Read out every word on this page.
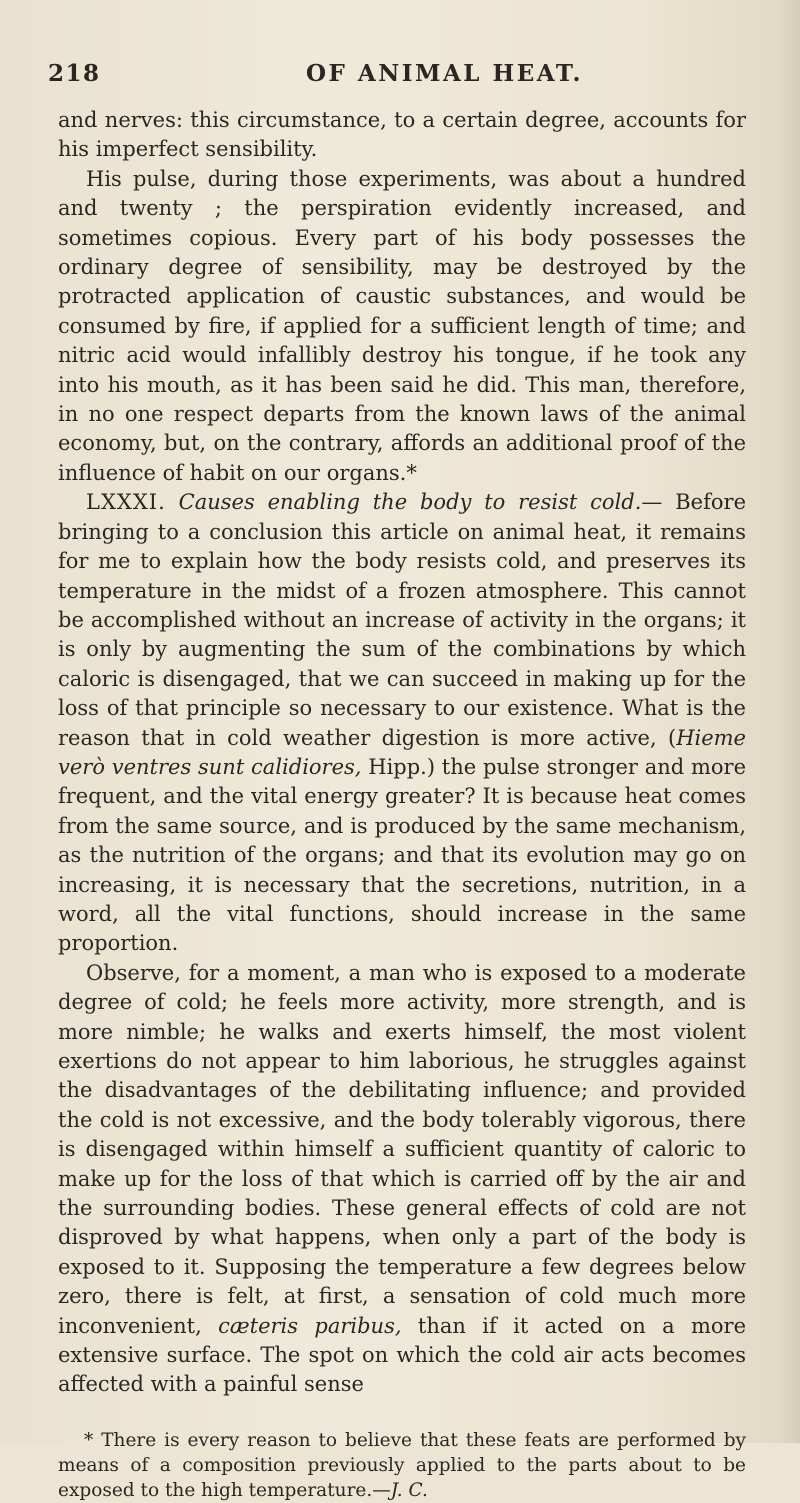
218	OF ANIMAL HEAT.

and nerves: this circumstance, to a certain degree, accounts for his imperfect sensibility.

His pulse, during those experiments, was about a hundred and twenty ; the perspiration evidently increased, and sometimes copious. Every part of his body possesses the ordinary degree of sensibility, may be destroyed by the protracted application of caustic substances, and would be consumed by fire, if applied for a sufficient length of time; and nitric acid would infallibly destroy his tongue, if he took any into his mouth, as it has been said he did. This man, therefore, in no one respect departs from the known laws of the animal economy, but, on the contrary, affords an additional proof of the influence of habit on our organs.*

LXXXI. Causes enabling the body to resist cold.— Before bringing to a conclusion this article on animal heat, it remains for me to explain how the body resists cold, and preserves its temperature in the midst of a frozen atmosphere. This cannot be accomplished without an increase of activity in the organs; it is only by augmenting the sum of the combinations by which caloric is disengaged, that we can succeed in making up for the loss of that principle so necessary to our existence. What is the reason that in cold weather digestion is more active, (Hieme verò ventres sunt calidiores, Hipp.) the pulse stronger and more frequent, and the vital energy greater? It is because heat comes from the same source, and is produced by the same mechanism, as the nutrition of the organs; and that its evolution may go on increasing, it is necessary that the secretions, nutrition, in a word, all the vital functions, should increase in the same proportion.

Observe, for a moment, a man who is exposed to a moderate degree of cold; he feels more activity, more strength, and is more nimble; he walks and exerts himself, the most violent exertions do not appear to him laborious, he struggles against the disadvantages of the debilitating influence; and provided the cold is not excessive, and the body tolerably vigorous, there is disengaged within himself a sufficient quantity of caloric to make up for the loss of that which is carried off by the air and the surrounding bodies. These general effects of cold are not disproved by what happens, when only a part of the body is exposed to it. Supposing the temperature a few degrees below zero, there is felt, at first, a sensation of cold much more inconvenient, cæteris paribus, than if it acted on a more extensive surface. The spot on which the cold air acts becomes affected with a painful sense

* There is every reason to believe that these feats are performed by means of a composition previously applied to the parts about to be exposed to the high temperature.—J. C.
